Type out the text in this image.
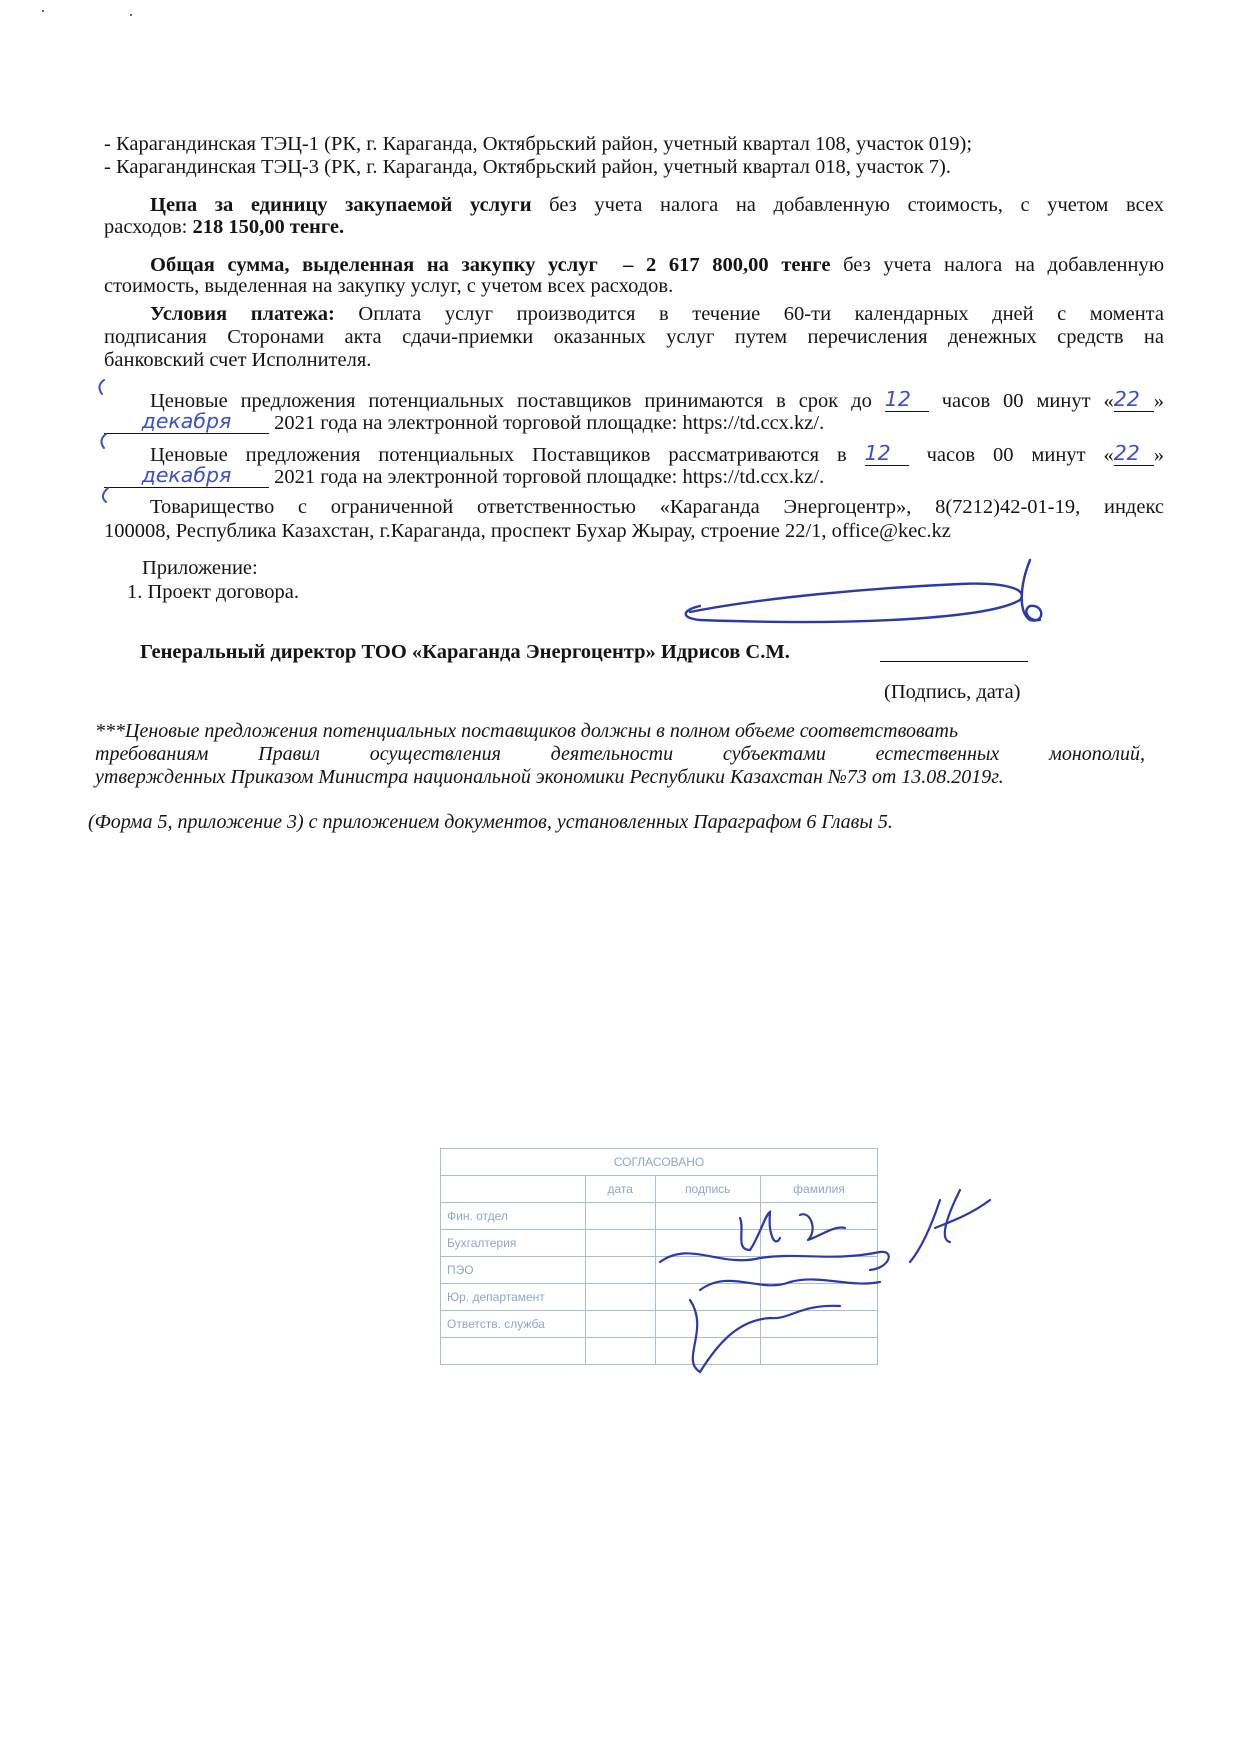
- Карагандинская ТЭЦ-1 (РК, г. Караганда, Октябрьский район, учетный квартал 108, участок 019);
- Карагандинская ТЭЦ-3 (РК, г. Караганда, Октябрьский район, учетный квартал 018, участок 7).
Цепа за единицу закупаемой услуги без учета налога на добавленную стоимость, с учетом всех
расходов: 218 150,00 тенге.
Общая сумма, выделенная на закупку услуг  – 2 617 800,00 тенге без учета налога на добавленную
стоимость, выделенная на закупку услуг, с учетом всех расходов.
Условия платежа: Оплата услуг производится в течение 60-ти календарных дней с момента
подписания Сторонами акта сдачи-приемки оказанных услуг путем перечисления денежных средств на
банковский счет Исполнителя.
Ценовые предложения потенциальных поставщиков принимаются в срок до 12 часов 00 минут «22 »
декабря 2021 года на электронной торговой площадке: https://td.ccx.kz/.
Ценовые предложения потенциальных Поставщиков рассматриваются в 12 часов 00 минут «22 »
декабря 2021 года на электронной торговой площадке: https://td.ccx.kz/.
Товарищество с ограниченной ответственностью «Караганда Энергоцентр», 8(7212)42-01-19, индекс
100008, Республика Казахстан, г.Караганда, проспект Бухар Жырау, строение 22/1, office@kec.kz
Приложение:
1. Проект договора.
Генеральный директор ТОО «Караганда Энергоцентр» Идрисов С.М.
(Подпись, дата)
***Ценовые предложения потенциальных поставщиков должны в полном объеме соответствовать
требованиям Правил осуществления деятельности субъектами естественных монополий,
утвержденных Приказом Министра национальной экономики Республики Казахстан №73 от 13.08.2019г.
(Форма 5, приложение 3) с приложением документов, установленных Параграфом 6 Главы 5.
СОГЛАСОВАНО			
	дата	подпись	фамилия
Фин. отдел			
Бухгалтерия			
ПЭО			
Юр. департамент			
Ответств. служба			
